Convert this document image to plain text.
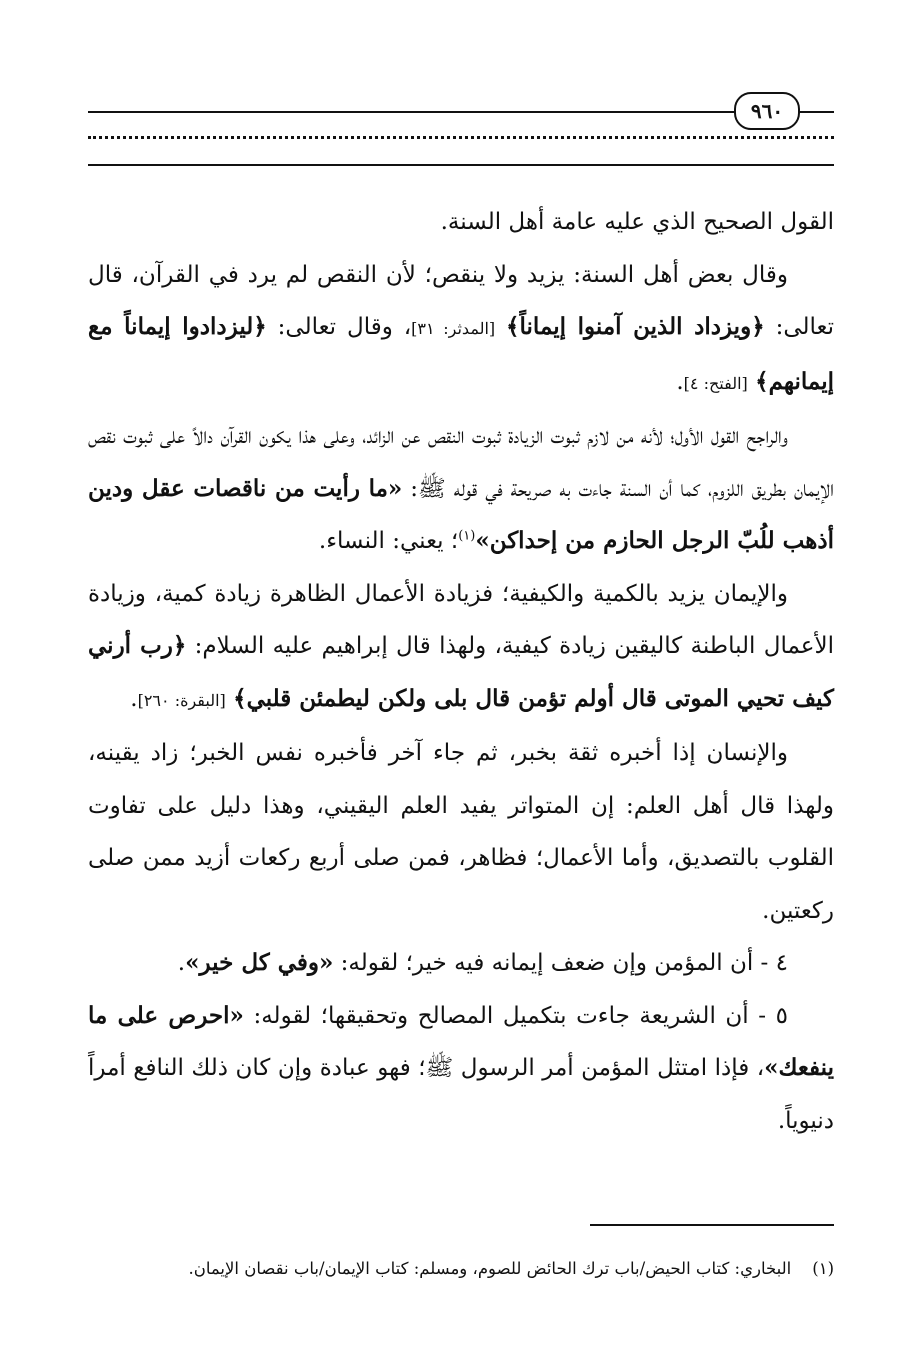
٩٦٠

القول الصحيح الذي عليه عامة أهل السنة.

وقال بعض أهل السنة: يزيد ولا ينقص؛ لأن النقص لم يرد في القرآن، قال تعالى: ﴿ويزداد الذين آمنوا إيماناً﴾ [المدثر: ٣١]، وقال تعالى: ﴿ليزدادوا إيماناً مع إيمانهم﴾ [الفتح: ٤].

والراجح القول الأول؛ لأنه من لازم ثبوت الزيادة ثبوت النقص عن الزائد، وعلى هذا يكون القرآن دالاً على ثبوت نقص الإيمان بطريق اللزوم، كما أن السنة جاءت به صريحة في قوله ﷺ: «ما رأيت من ناقصات عقل ودين أذهب للُبّ الرجل الحازم من إحداكن»$^{(١)}$؛ يعني: النساء.

والإيمان يزيد بالكمية والكيفية؛ فزيادة الأعمال الظاهرة زيادة كمية، وزيادة الأعمال الباطنة كاليقين زيادة كيفية، ولهذا قال إبراهيم عليه السلام: ﴿رب أرني كيف تحيي الموتى قال أولم تؤمن قال بلى ولكن ليطمئن قلبي﴾ [البقرة: ٢٦٠].

والإنسان إذا أخبره ثقة بخبر، ثم جاء آخر فأخبره نفس الخبر؛ زاد يقينه، ولهذا قال أهل العلم: إن المتواتر يفيد العلم اليقيني، وهذا دليل على تفاوت القلوب بالتصديق، وأما الأعمال؛ فظاهر، فمن صلى أربع ركعات أزيد ممن صلى ركعتين.

٤ - أن المؤمن وإن ضعف إيمانه فيه خير؛ لقوله: «وفي كل خير».

٥ - أن الشريعة جاءت بتكميل المصالح وتحقيقها؛ لقوله: «احرص على ما ينفعك»، فإذا امتثل المؤمن أمر الرسول ﷺ؛ فهو عبادة وإن كان ذلك النافع أمراً دنيوياً.

(١)    البخاري: كتاب الحيض/باب ترك الحائض للصوم، ومسلم: كتاب الإيمان/باب نقصان الإيمان.
